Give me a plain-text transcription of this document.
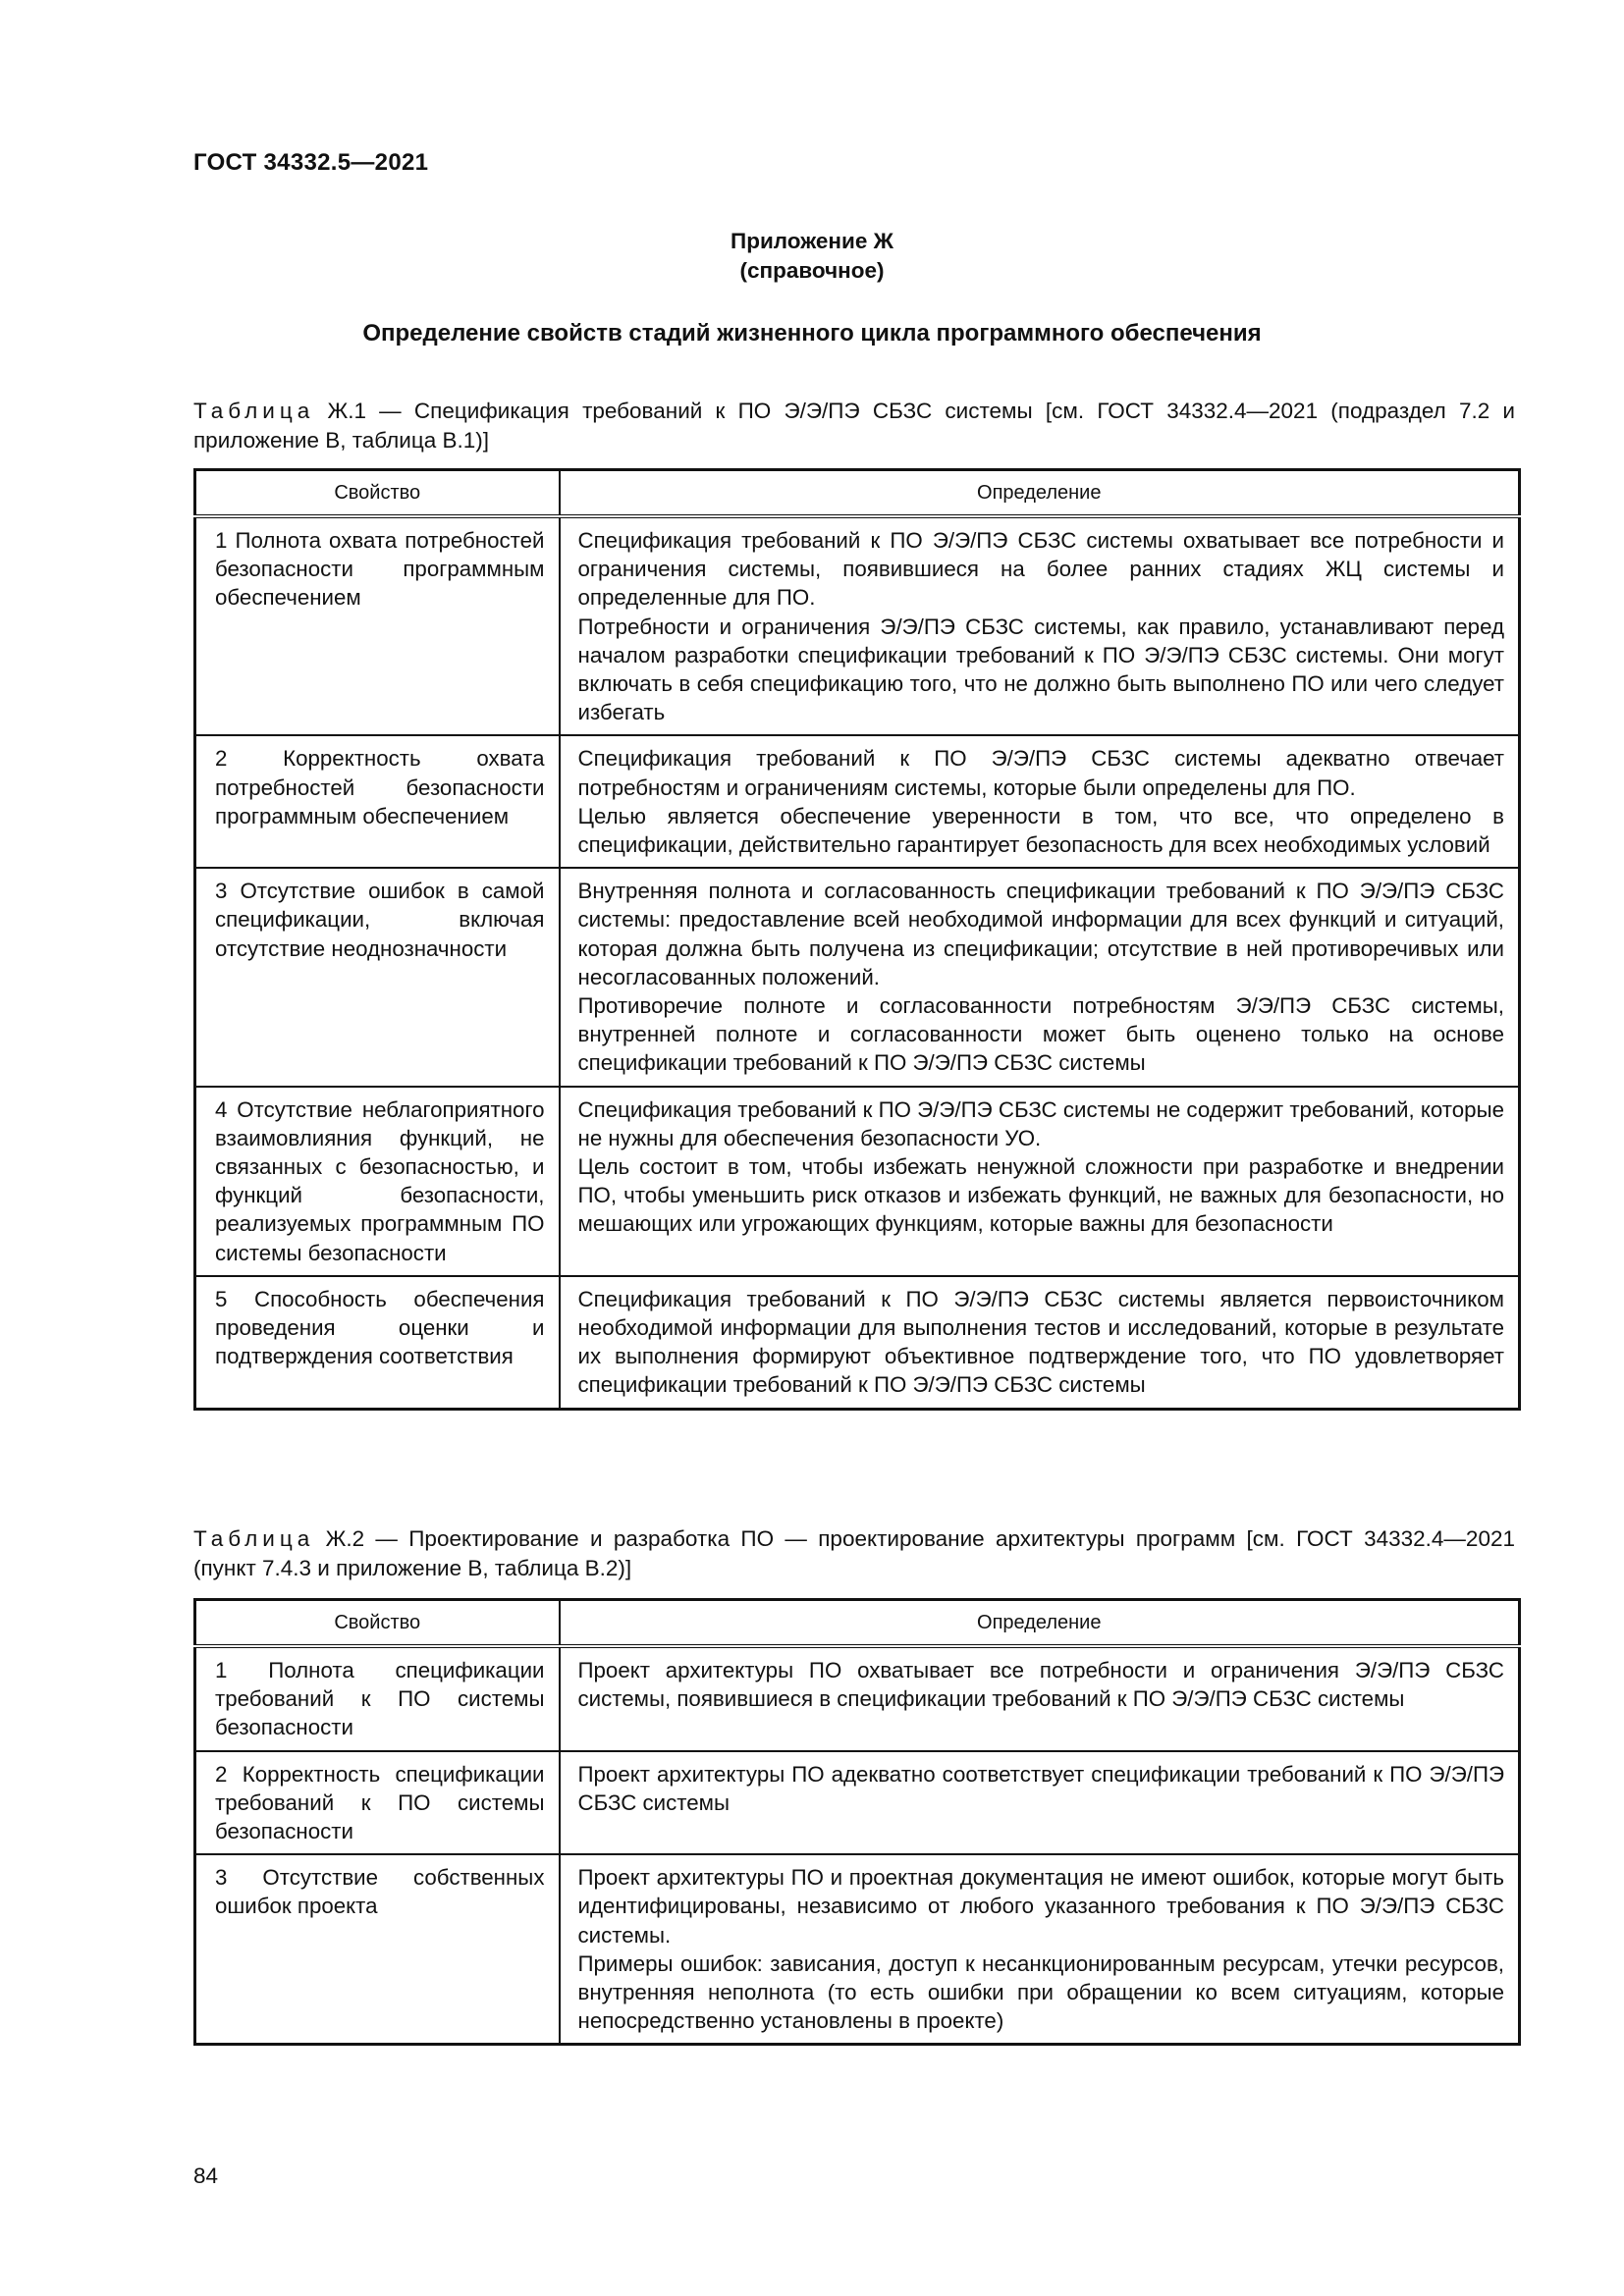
ГОСТ 34332.5—2021
Приложение Ж
(справочное)
Определение свойств стадий жизненного цикла программного обеспечения
Таблица Ж.1 — Спецификация требований к ПО Э/Э/ПЭ СБЗС системы [см. ГОСТ 34332.4—2021 (подраздел 7.2 и приложение В, таблица В.1)]
Свойство	Определение
1 Полнота охвата потребностей безопасности программным обеспечением	Спецификация требований к ПО Э/Э/ПЭ СБЗС системы охватывает все потребности и ограничения системы, появившиеся на более ранних стадиях ЖЦ системы и определенные для ПО.
Потребности и ограничения Э/Э/ПЭ СБЗС системы, как правило, устанавливают перед началом разработки спецификации требований к ПО Э/Э/ПЭ СБЗС системы. Они могут включать в себя спецификацию того, что не должно быть выполнено ПО или чего следует избегать

2 Корректность охвата потребностей безопасности программным обеспечением	Спецификация требований к ПО Э/Э/ПЭ СБЗС системы адекватно отвечает потребностям и ограничениям системы, которые были определены для ПО.
Целью является обеспечение уверенности в том, что все, что определено в спецификации, действительно гарантирует безопасность для всех необходимых условий

3 Отсутствие ошибок в самой спецификации, включая отсутствие неоднозначности	Внутренняя полнота и согласованность спецификации требований к ПО Э/Э/ПЭ СБЗС системы: предоставление всей необходимой информации для всех функций и ситуаций, которая должна быть получена из спецификации; отсутствие в ней противоречивых или несогласованных положений.
Противоречие полноте и согласованности потребностям Э/Э/ПЭ СБЗС системы, внутренней полноте и согласованности может быть оценено только на основе спецификации требований к ПО Э/Э/ПЭ СБЗС системы

4 Отсутствие неблагоприятного взаимовлияния функций, не связанных с безопасностью, и функций безопасности, реализуемых программным ПО системы безопасности	Спецификация требований к ПО Э/Э/ПЭ СБЗС системы не содержит требований, которые не нужны для обеспечения безопасности УО.
Цель состоит в том, чтобы избежать ненужной сложности при разработке и внедрении ПО, чтобы уменьшить риск отказов и избежать функций, не важных для безопасности, но мешающих или угрожающих функциям, которые важны для безопасности

5 Способность обеспечения проведения оценки и подтверждения соответствия	Спецификация требований к ПО Э/Э/ПЭ СБЗС системы является первоисточником необходимой информации для выполнения тестов и исследований, которые в результате их выполнения формируют объективное подтверждение того, что ПО удовлетворяет спецификации требований к ПО Э/Э/ПЭ СБЗС системы
Таблица Ж.2 — Проектирование и разработка ПО — проектирование архитектуры программ [см. ГОСТ 34332.4—2021 (пункт 7.4.3 и приложение В, таблица В.2)]
Свойство	Определение
1 Полнота спецификации требований к ПО системы безопасности	Проект архитектуры ПО охватывает все потребности и ограничения Э/Э/ПЭ СБЗС системы, появившиеся в спецификации требований к ПО Э/Э/ПЭ СБЗС системы

2 Корректность спецификации требований к ПО системы безопасности	Проект архитектуры ПО адекватно соответствует спецификации требований к ПО Э/Э/ПЭ СБЗС системы

3 Отсутствие собственных ошибок проекта	Проект архитектуры ПО и проектная документация не имеют ошибок, которые могут быть идентифицированы, независимо от любого указанного требования к ПО Э/Э/ПЭ СБЗС системы.
Примеры ошибок: зависания, доступ к несанкционированным ресурсам, утечки ресурсов, внутренняя неполнота (то есть ошибки при обращении ко всем ситуациям, которые непосредственно установлены в проекте)
84
